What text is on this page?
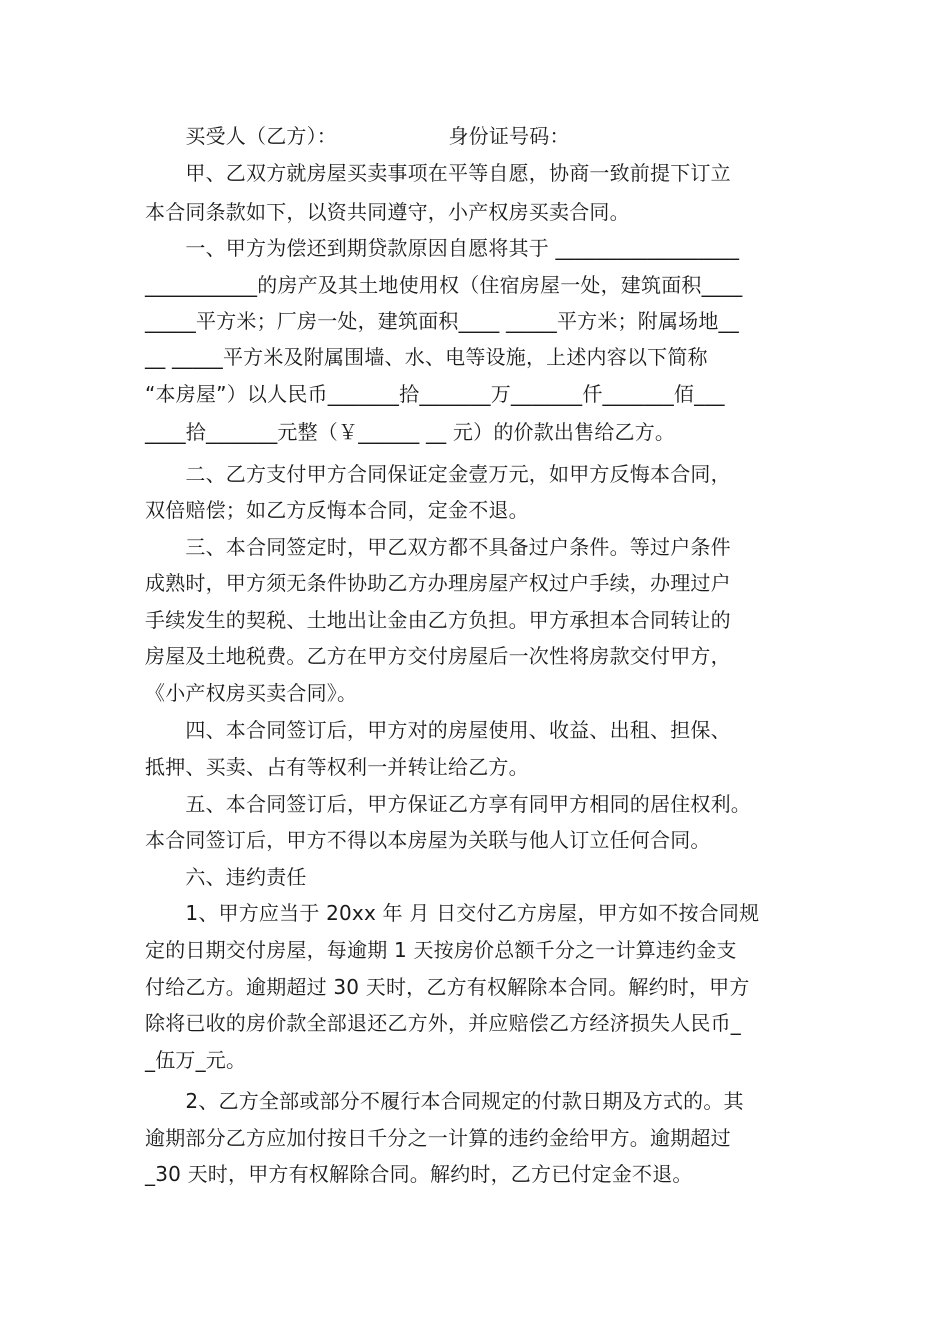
　　买受人（乙方）：                 身份证号码：
　　甲、乙双方就房屋买卖事项在平等自愿，协商一致前提下订立
本合同条款如下，以资共同遵守，小产权房买卖合同。
　　一、甲方为偿还到期贷款原因自愿将其于 __________________
___________的房产及其土地使用权（住宿房屋一处，建筑面积____
_____平方米；厂房一处，建筑面积____ _____平方米；附属场地__
__ _____平方米及附属围墙、水、电等设施，上述内容以下简称
“本房屋”）以人民币_______拾_______万_______仟_______佰___
____拾_______元整（￥______ __ 元）的价款出售给乙方。
　　二、乙方支付甲方合同保证定金壹万元，如甲方反悔本合同，
双倍赔偿；如乙方反悔本合同，定金不退。
　　三、本合同签定时，甲乙双方都不具备过户条件。等过户条件
成熟时，甲方须无条件协助乙方办理房屋产权过户手续，办理过户
手续发生的契税、土地出让金由乙方负担。甲方承担本合同转让的
房屋及土地税费。乙方在甲方交付房屋后一次性将房款交付甲方，
《小产权房买卖合同》。
　　四、本合同签订后，甲方对的房屋使用、收益、出租、担保、
抵押、买卖、占有等权利一并转让给乙方。
　　五、本合同签订后，甲方保证乙方享有同甲方相同的居住权利。
本合同签订后，甲方不得以本房屋为关联与他人订立任何合同。
　　六、违约责任
　　1、甲方应当于 20xx 年 月 日交付乙方房屋，甲方如不按合同规
定的日期交付房屋，每逾期 1 天按房价总额千分之一计算违约金支
付给乙方。逾期超过 30 天时，乙方有权解除本合同。解约时，甲方
除将已收的房价款全部退还乙方外，并应赔偿乙方经济损失人民币_
_伍万_元。
　　2、乙方全部或部分不履行本合同规定的付款日期及方式的。其
逾期部分乙方应加付按日千分之一计算的违约金给甲方。逾期超过
_30 天时，甲方有权解除合同。解约时，乙方已付定金不退。
